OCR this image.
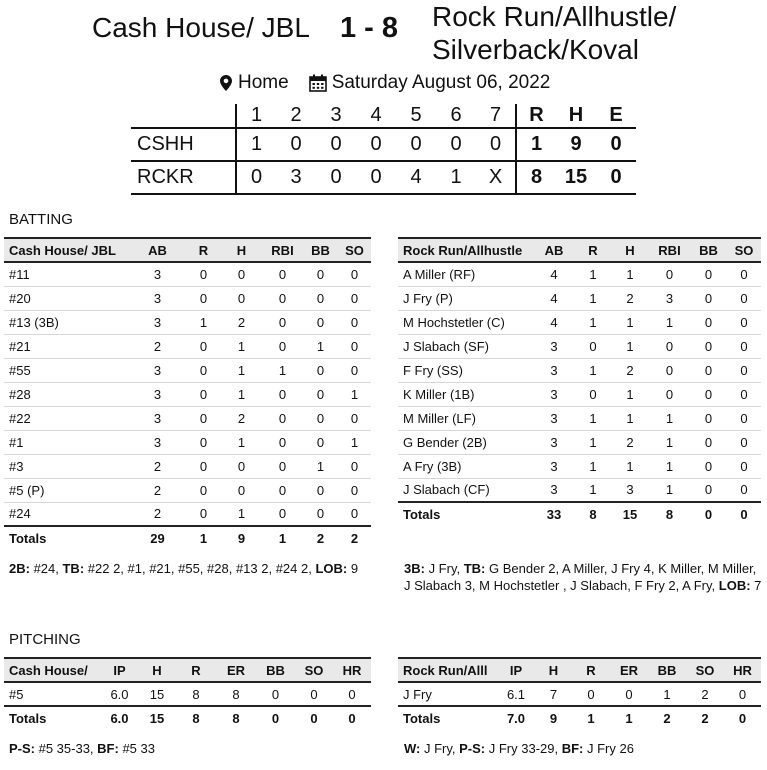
Cash House/ JBL 1 - 8 Rock Run/Allhustle/
Silverback/Koval
Home Saturday August 06, 2022
	1	2	3	4	5	6	7	R	H	E
CSHH	1	0	0	0	0	0	0	1	9	0
RCKR	0	3	0	0	4	1	X	8	15	0
BATTING
Cash House/ JBL	AB	R	H	RBI	BB	SO
#11	3	0	0	0	0	0
#20	3	0	0	0	0	0
#13 (3B)	3	1	2	0	0	0
#21	2	0	1	0	1	0
#55	3	0	1	1	0	0
#28	3	0	1	0	0	1
#22	3	0	2	0	0	0
#1	3	0	1	0	0	1
#3	2	0	0	0	1	0
#5 (P)	2	0	0	0	0	0
#24	2	0	1	0	0	0
Totals	29	1	9	1	2	2
Rock Run/Allhustle	AB	R	H	RBI	BB	SO
A Miller (RF)	4	1	1	0	0	0
J Fry (P)	4	1	2	3	0	0
M Hochstetler (C)	4	1	1	1	0	0
J Slabach (SF)	3	0	1	0	0	0
F Fry (SS)	3	1	2	0	0	0
K Miller (1B)	3	0	1	0	0	0
M Miller (LF)	3	1	1	1	0	0
G Bender (2B)	3	1	2	1	0	0
A Fry (3B)	3	1	1	1	0	0
J Slabach (CF)	3	1	3	1	0	0
Totals	33	8	15	8	0	0
2B: #24, TB: #22 2, #1, #21, #55, #28, #13 2, #24 2, LOB: 9	3B: J Fry, TB: G Bender 2, A Miller, J Fry 4, K Miller, M Miller, J Slabach 3, M Hochstetler , J Slabach, F Fry 2, A Fry, LOB: 7
PITCHING
Cash House/	IP	H	R	ER	BB	SO	HR
#5	6.0	15	8	8	0	0	0
Totals	6.0	15	8	8	0	0	0
Rock Run/Alll	IP	H	R	ER	BB	SO	HR
J Fry	6.1	7	0	0	1	2	0
Totals	7.0	9	1	1	2	2	0
P-S: #5 35-33, BF: #5 33	W: J Fry, P-S: J Fry 33-29, BF: J Fry 26
